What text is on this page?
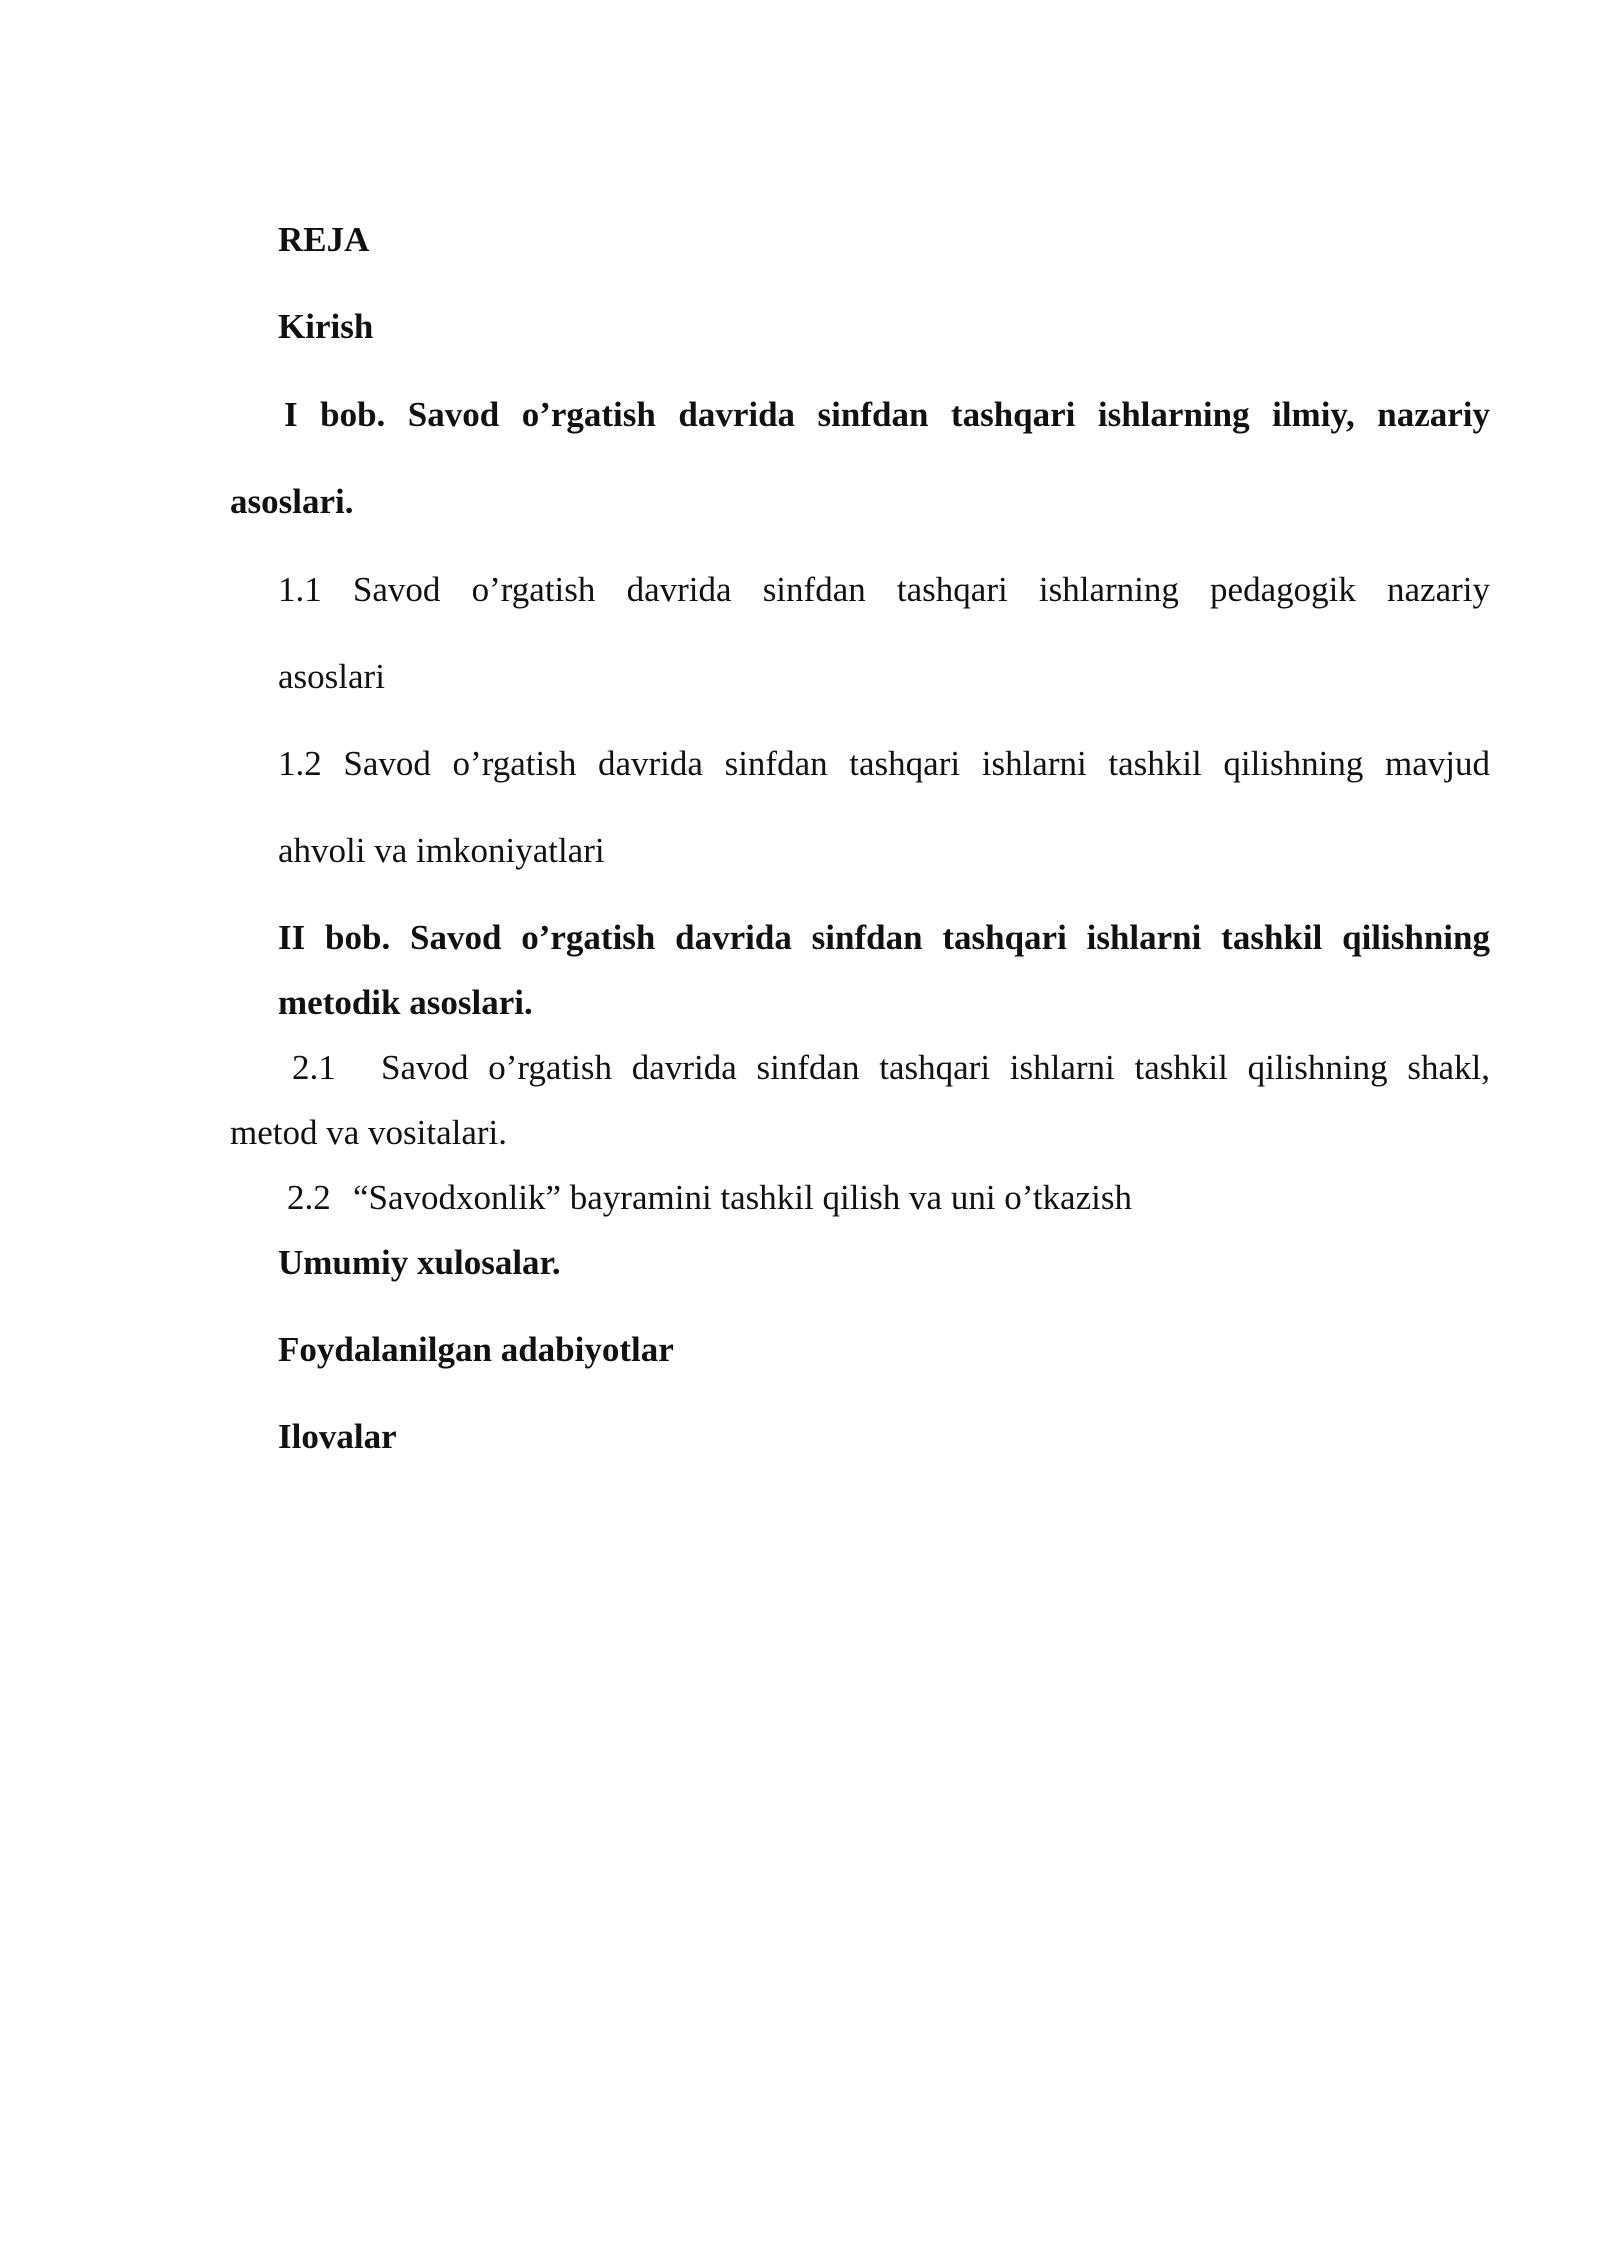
REJA
Kirish
I bob. Savod o’rgatish davrida sinfdan tashqari ishlarning ilmiy, nazariy
asoslari.
1.1 Savod o’rgatish davrida sinfdan tashqari ishlarning pedagogik nazariy
asoslari
1.2 Savod o’rgatish davrida sinfdan tashqari ishlarni tashkil qilishning mavjud
ahvoli va imkoniyatlari
II bob. Savod o’rgatish davrida sinfdan tashqari ishlarni tashkil qilishning
metodik asoslari.
2.1 Savod o’rgatish davrida sinfdan tashqari ishlarni tashkil qilishning shakl,
metod va vositalari.
2.2 “Savodxonlik” bayramini tashkil qilish va uni o’tkazish
Umumiy xulosalar.
Foydalanilgan adabiyotlar
Ilovalar
